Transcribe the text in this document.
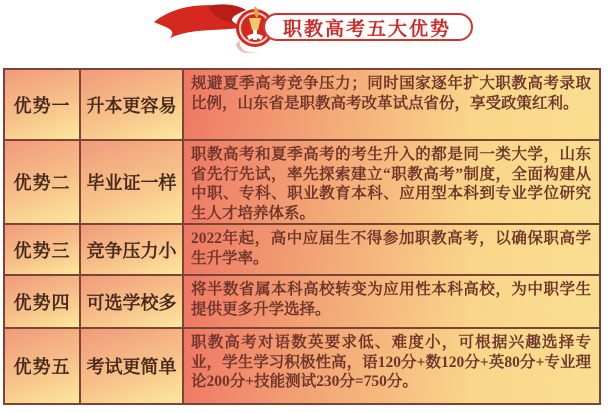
职教高考五大优势
优势一 升本更容易
规避夏季高考竞争压力；同时国家逐年扩大职教高考录取比例，山东省是职教高考改革试点省份，享受政策红利。
优势二 毕业证一样
职教高考和夏季高考的考生升入的都是同一类大学，山东省先行先试，率先探索建立“职教高考”制度，全面构建从中职、专科、职业教育本科、应用型本科到专业学位研究生人才培养体系。
优势三 竞争压力小
2022年起，高中应届生不得参加职教高考，以确保职高学生升学率。
优势四 可选学校多
将半数省属本科高校转变为应用性本科高校，为中职学生提供更多升学选择。
优势五 考试更简单
职教高考对语数英要求低、难度小，可根据兴趣选择专业，学生学习积极性高，语120分+数120分+英80分+专业理论200分+技能测试230分=750分。
